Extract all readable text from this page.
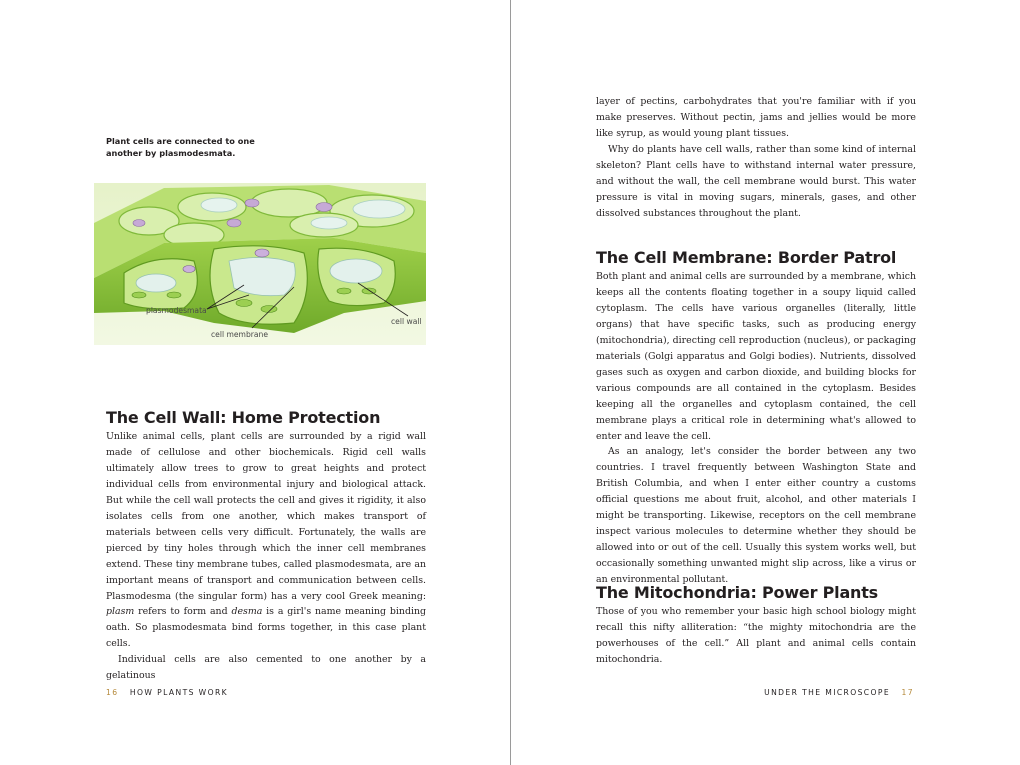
Plant cells are connected to one another by plasmodesmata.
plasmodesmata
cell membrane
cell wall
The Cell Wall: Home Protection

Unlike animal cells, plant cells are surrounded by a rigid wall made of cellulose and other biochemicals. Rigid cell walls ultimately allow trees to grow to great heights and protect individual cells from environmental injury and biological attack. But while the cell wall protects the cell and gives it rigidity, it also isolates cells from one another, which makes transport of materials between cells very difficult. Fortunately, the walls are pierced by tiny holes through which the inner cell membranes extend. These tiny membrane tubes, called plasmodesmata, are an important means of transport and communication between cells. Plasmodesma (the singular form) has a very cool Greek meaning: plasm refers to form and desma is a girl's name meaning binding oath. So plasmodesmata bind forms together, in this case plant cells.

Individual cells are also cemented to one another by a gelatinous

16 HOW PLANTS WORK

layer of pectins, carbohydrates that you're familiar with if you make preserves. Without pectin, jams and jellies would be more like syrup, as would young plant tissues.

Why do plants have cell walls, rather than some kind of internal skeleton? Plant cells have to withstand internal water pressure, and without the wall, the cell membrane would burst. This water pressure is vital in moving sugars, minerals, gases, and other dissolved substances throughout the plant.

The Cell Membrane: Border Patrol

Both plant and animal cells are surrounded by a membrane, which keeps all the contents floating together in a soupy liquid called cytoplasm. The cells have various organelles (literally, little organs) that have specific tasks, such as producing energy (mitochondria), directing cell reproduction (nucleus), or packaging materials (Golgi apparatus and Golgi bodies). Nutrients, dissolved gases such as oxygen and carbon dioxide, and building blocks for various compounds are all contained in the cytoplasm. Besides keeping all the organelles and cytoplasm contained, the cell membrane plays a critical role in determining what's allowed to enter and leave the cell.

As an analogy, let's consider the border between any two countries. I travel frequently between Washington State and British Columbia, and when I enter either country a customs official questions me about fruit, alcohol, and other materials I might be transporting. Likewise, receptors on the cell membrane inspect various molecules to determine whether they should be allowed into or out of the cell. Usually this system works well, but occasionally something unwanted might slip across, like a virus or an environmental pollutant.

The Mitochondria: Power Plants

Those of you who remember your basic high school biology might recall this nifty alliteration: “the mighty mitochondria are the powerhouses of the cell.” All plant and animal cells contain mitochondria.

UNDER THE MICROSCOPE 17
